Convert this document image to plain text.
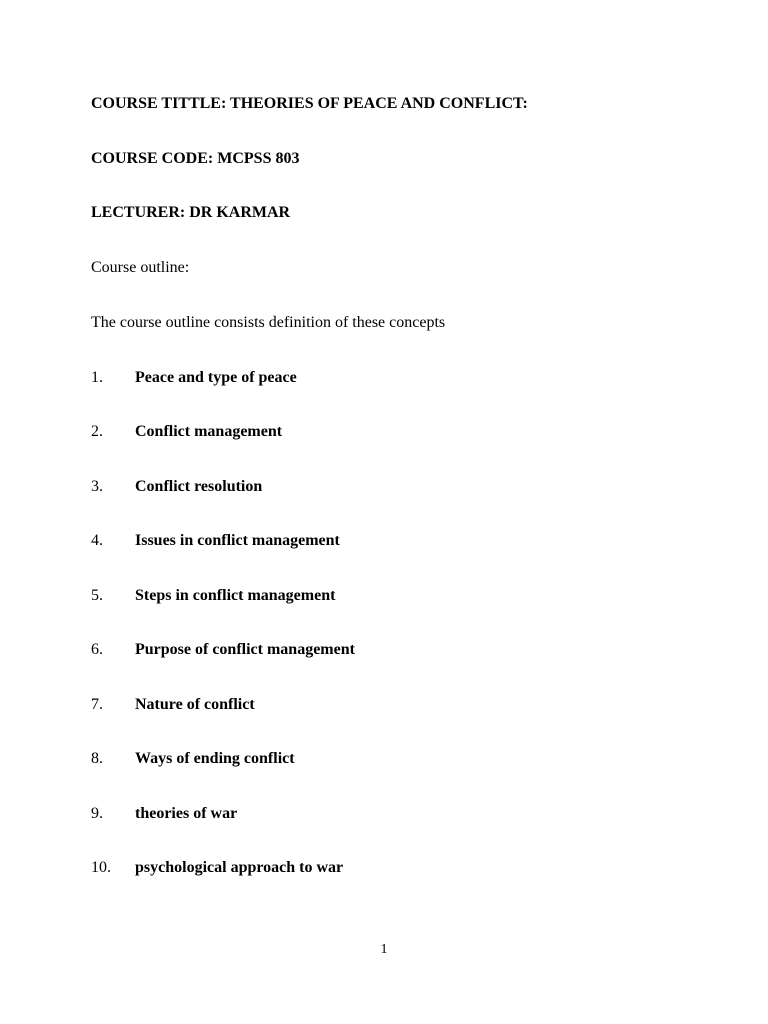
COURSE TITTLE: THEORIES OF PEACE AND CONFLICT:
COURSE CODE: MCPSS 803
LECTURER: DR KARMAR
Course outline:
The course outline consists definition of these concepts
1. Peace and type of peace
2. Conflict management
3. Conflict resolution
4. Issues in conflict management
5. Steps in conflict management
6. Purpose of conflict management
7. Nature of conflict
8. Ways of ending conflict
9. theories of war
10. psychological approach to war
1
